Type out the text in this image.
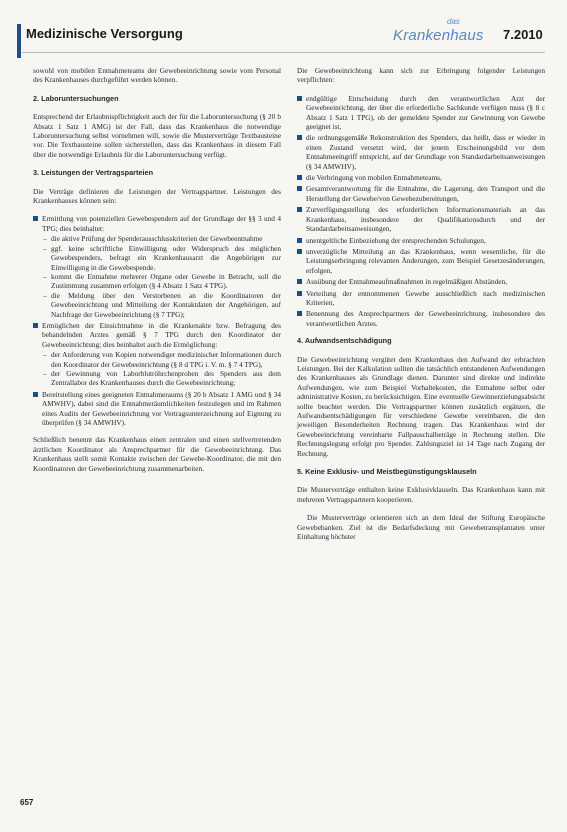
Medizinische Versorgung
das
Krankenhaus 7.2010

sowohl von mobilen Entnahmeteams der Gewebeeinrichtung sowie vom Personal des Krankenhauses durchgeführt werden können.

2. Laboruntersuchungen

Entsprechend der Erlaubnispflichtigkeit auch der für die Laboruntersuchung (§ 20 b Absatz 1 Satz 1 AMG) ist der Fall, dass das Krankenhaus die notwendige Laboruntersuchung selbst vornehmen will, sowie die Musterverträge Textbausteine vor. Die Textbausteine sollen sicherstellen, dass das Krankenhaus in diesem Fall über die notwendige Erlaubnis für die Laboruntersuchung verfügt.

3. Leistungen der Vertragsparteien

Die Verträge definieren die Leistungen der Vertragspartner. Leistungen des Krankenhauses können sein:

Ermittlung von potenziellen Gewebespendern auf der Grundlage der §§ 3 und 4 TPG; dies beinhaltet:
– die aktive Prüfung der Spenderausschlusskriterien der Gewebeentnahme
– ggf. keine schriftliche Einwilligung oder Widerspruch des möglichen Gewebespenders, befragt ein Krankenhausarzt die Angehörigen zur Einwilligung in die Gewebespende.
– kommt die Entnahme mehrerer Organe oder Gewebe in Betracht, soll die Zustimmung zusammen erfolgen (§ 4 Absatz 1 Satz 4 TPG).
– die Meldung über den Verstorbenen an die Koordinatoren der Gewebeeinrichtung und Mitteilung der Kontaktdaten der Angehörigen, auf Nachfrage der Gewebeeinrichtung (§ 7 TPG);
Ermöglichen der Einsichtnahme in die Krankenakte bzw. Befragung des behandelnden Arztes gemäß § 7 TPG durch den Koordinator der Gewebeeinrichtung; dies beinhaltet auch die Ermöglichung:
– der Anforderung von Kopien notwendiger medizinischer Informationen durch den Koordinator der Gewebeeinrichtung (§ 8 d TPG i. V. m. § 7 4 TPG),
– der Gewinnung von Laborblutröhrchenproben des Spenders aus dem Zentrallabor des Krankenhauses durch die Gewebeeinrichtung;
Bereitstellung eines geeigneten Entnahmeraums (§ 20 b Absatz 1 AMG und § 34 AMWHV), dabei sind die Entnahmeräumlichkeiten festzulegen und im Rahmen eines Audits der Gewebeeinrichtung vor Vertragsunterzeichnung auf Eignung zu überprüfen (§ 34 AMWHV).

Schließlich benennt das Krankenhaus einen zentralen und einen stellvertretenden ärztlichen Koordinator als Ansprechpartner für die Gewebeeinrichtung. Das Krankenhaus stellt somit Kontakte zwischen der Gewebe-Koordinator, die mit den Koordinatoren der Gewebeeinrichtung zusammenarbeiten.

Die Gewebeeinrichtung kann sich zur Erbringung folgender Leistungen verpflichten:

endgültige Entscheidung durch den verantwortlichen Arzt der Gewebeeinrichtung, der über die erforderliche Sachkunde verfügen muss (§ 8 c Absatz 1 Satz 1 TPG), ob der gemeldete Spender zur Gewinnung von Gewebe geeignet ist,
die ordnungsgemäße Rekonstruktion des Spenders, das heißt, dass er wieder in einen Zustand versetzt wird, der jenem Erscheinungsbild vor dem Entnahmeeingriff entspricht, auf der Grundlage von Standardarbeitsanweisungen (§ 34 AMWHV),
die Verbringung von mobilen Entnahmeteams,
Gesamtverantwortung für die Entnahme, die Lagerung, den Transport und die Herstellung der Gewebe/von Gewebezubereitungen,
Zurverfügungstellung des erforderlichen Informationsmaterials an das Krankenhaus, insbesondere der Qualifikationsdurch und der Standardarbeitsanweisungen,
unentgeltliche Einbeziehung der entsprechenden Schulungen,
unverzügliche Mitteilung an das Krankenhaus, wenn wesentliche, für die Leistungserbringung relevanten Änderungen, zum Beispiel Gesetzesänderungen, erfolgen,
Ausübung der Entnahmeaufmaßnahmen in regelmäßigen Abständen,
Verteilung der entnommenen Gewebe ausschließlich nach medizinischen Kriterien,
Benennung des Ansprechpartners der Gewebeeinrichtung, insbesondere des verantwortlichen Arztes.
4. Aufwandsentschädigung

Die Gewebeeinrichtung vergütet dem Krankenhaus den Aufwand der erbrachten Leistungen. Bei der Kalkulation sollten die tatsächlich entstandenen Aufwendungen des Krankenhauses als Grundlage dienen. Darunter sind direkte und indirekte Aufwendungen, wie zum Beispiel Vorhaltekosten, die Entnahme selbst oder administrative Kosten, zu berücksichtigen. Eine eventuelle Gewinnerzielungsabsicht sollte beachtet werden. Die Vertragspartner können zusätzlich ergänzen, die Aufwandsentschädigungen für verschiedene Gewebe vereinbaren, die den jeweiligen Besonderheiten Rechnung tragen. Das Krankenhaus wird der Gewebeeinrichtung vereinbarte Fallpauschalbeträge in Rechnung stellen. Die Rechnungslegung erfolgt pro Spender. Zahlungsziel ist 14 Tage nach Zugang der Rechnung.

5. Keine Exklusiv- und Meistbegünstigungsklauseln

Die Musterverträge enthalten keine Exklusivklauseln. Das Krankenhaus kann mit mehreren Vertragspartnern kooperieren.

Die Musterverträge orientieren sich an dem Ideal der Stiftung Europäische Gewebebanken. Ziel ist die Bedarfsdeckung mit Gewebetransplantaten unter Einhaltung höchster

657
